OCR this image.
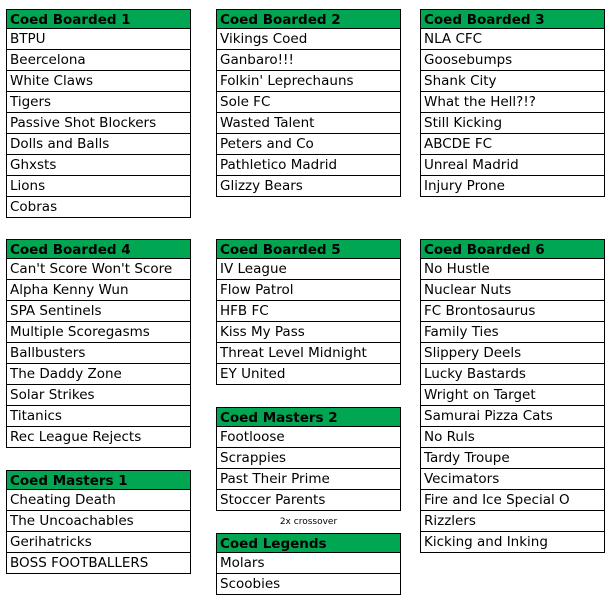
Coed Boarded 1
BTPU
Beercelona
White Claws
Tigers
Passive Shot Blockers
Dolls and Balls
Ghxsts
Lions
Cobras
Coed Boarded 2
Vikings Coed
Ganbaro!!!
Folkin' Leprechauns
Sole FC
Wasted Talent
Peters and Co
Pathletico Madrid
Glizzy Bears
Coed Boarded 3
NLA CFC
Goosebumps
Shank City
What the Hell?!?
Still Kicking
ABCDE FC
Unreal Madrid
Injury Prone
Coed Boarded 4
Can't Score Won't Score
Alpha Kenny Wun
SPA Sentinels
Multiple Scoregasms
Ballbusters
The Daddy Zone
Solar Strikes
Titanics
Rec League Rejects
Coed Boarded 5
IV League
Flow Patrol
HFB FC
Kiss My Pass
Threat Level Midnight
EY United
Coed Boarded 6
No Hustle
Nuclear Nuts
FC Brontosaurus
Family Ties
Slippery Deels
Lucky Bastards
Wright on Target
Samurai Pizza Cats
No Ruls
Tardy Troupe
Vecimators
Fire and Ice Special O
Rizzlers
Kicking and Inking
Coed Masters 1
Cheating Death
The Uncoachables
Gerihatricks
BOSS FOOTBALLERS
Coed Masters 2
Footloose
Scrappies
Past Their Prime
Stoccer Parents
2x crossover
Coed Legends
Molars
Scoobies
